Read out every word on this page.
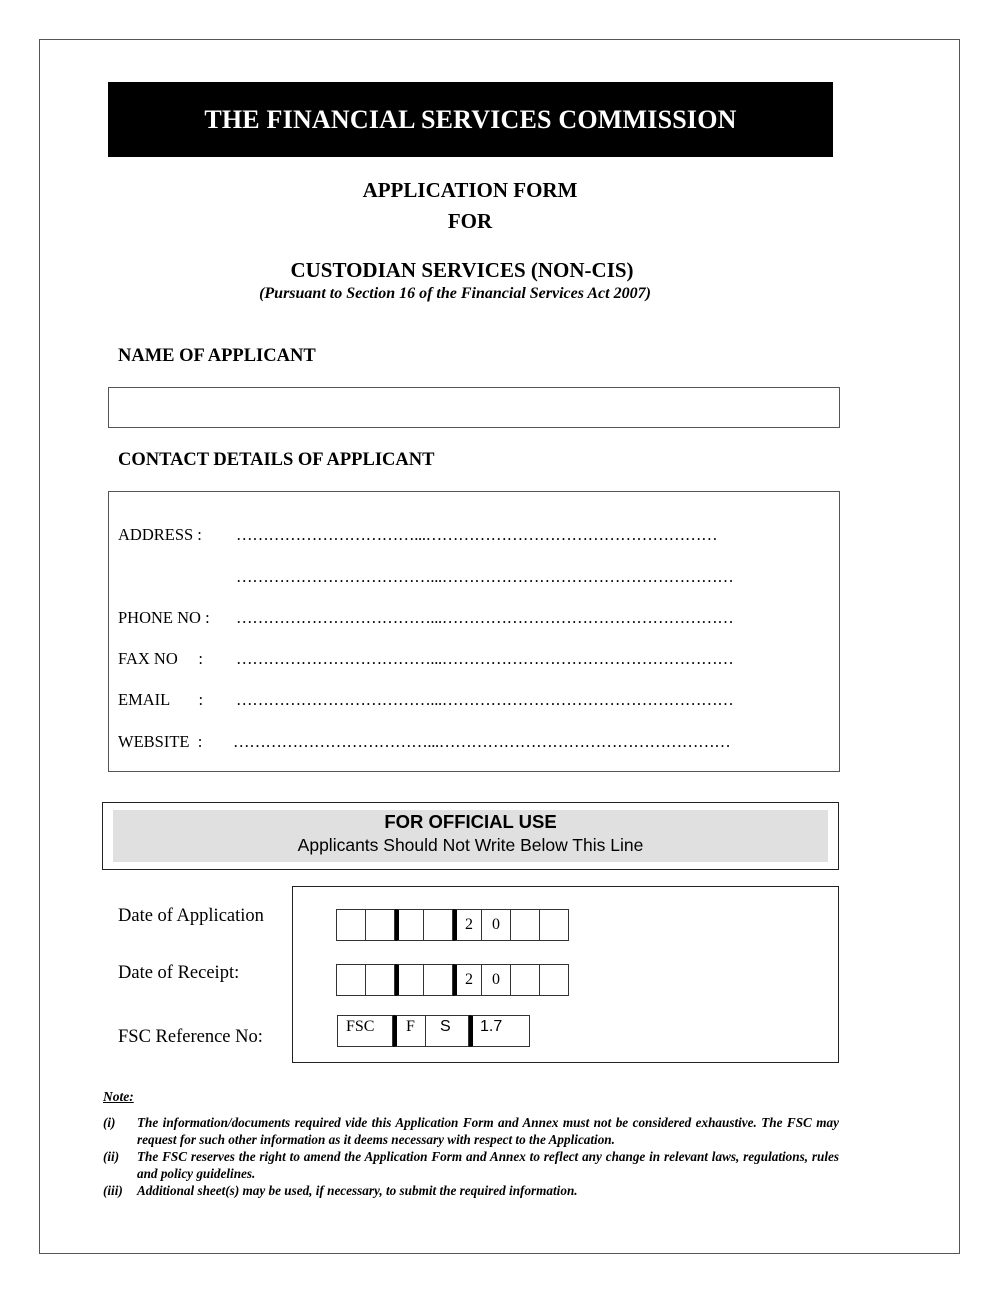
THE FINANCIAL SERVICES COMMISSION
APPLICATION FORM
FOR
CUSTODIAN SERVICES (NON-CIS)
(Pursuant to Section 16 of the Financial Services Act 2007)
NAME OF APPLICANT
CONTACT DETAILS OF APPLICANT
ADDRESS : ……………………………...………………………………………………
………………………………...………………………………………………
PHONE NO : ………………………………...………………………………………………
FAX NO     : ………………………………...………………………………………………
EMAIL       : ………………………………...………………………………………………
WEBSITE  : ………………………………...………………………………………………
FOR OFFICIAL USE
Applicants Should Not Write Below This Line
Date of Application	2	0
Date of Receipt:	2	0
FSC Reference No:
FSC	F	S	1.7
Note:
(i) The information/documents required vide this Application Form and Annex must not be considered exhaustive. The FSC may request for such other information as it deems necessary with respect to the Application.
(ii) The FSC reserves the right to amend the Application Form and Annex to reflect any change in relevant laws, regulations, rules and policy guidelines.
(iii) Additional sheet(s) may be used, if necessary, to submit the required information.
